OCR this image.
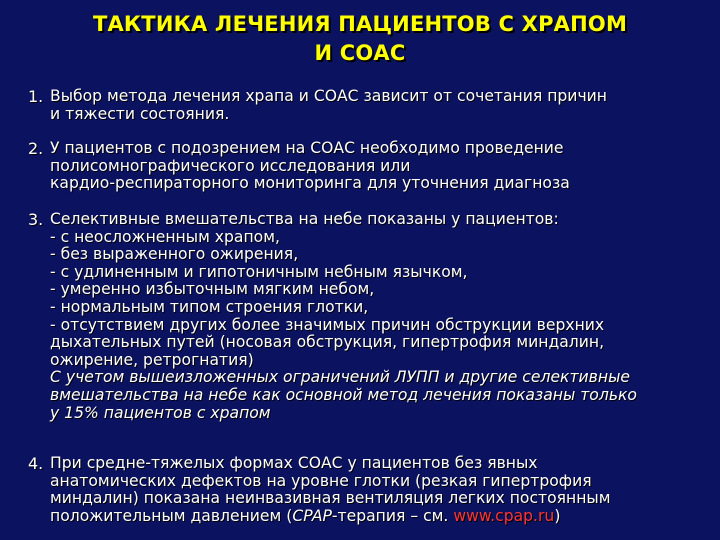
ТАКТИКА ЛЕЧЕНИЯ ПАЦИЕНТОВ С ХРАПОМ
И СОАС
1. Выбор метода лечения храпа и СОАС зависит от сочетания причин
и тяжести состояния.
2. У пациентов с подозрением на СОАС необходимо проведение
полисомнографического исследования или
кардио-респираторного мониторинга для уточнения диагноза
3. Селективные вмешательства на небе показаны у пациентов:
- с неосложненным храпом,
- без выраженного ожирения,
- с удлиненным и гипотоничным небным язычком,
- умеренно избыточным мягким небом,
- нормальным типом строения глотки,
- отсутствием других более значимых причин обструкции верхних
дыхательных путей (носовая обструкция, гипертрофия миндалин,
ожирение, ретрогнатия)
С учетом вышеизложенных ограничений ЛУПП и другие селективные
вмешательства на небе как основной метод лечения показаны только
у 15% пациентов с храпом
4. При средне-тяжелых формах СОАС у пациентов без явных
анатомических дефектов на уровне глотки (резкая гипертрофия
миндалин) показана неинвазивная вентиляция легких постоянным
положительным давлением (CPAP-терапия – см. www.cpap.ru)
